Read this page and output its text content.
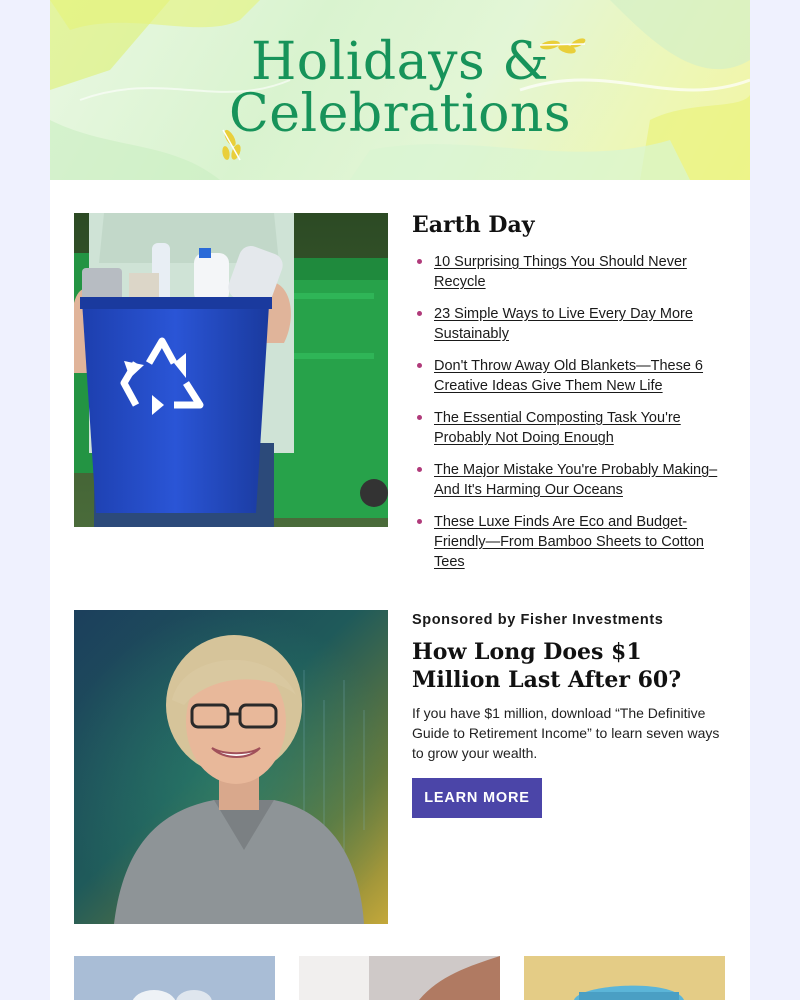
Holidays &
Celebrations
Earth Day
10 Surprising Things You Should Never Recycle
23 Simple Ways to Live Every Day More Sustainably
Don't Throw Away Old Blankets—These 6 Creative Ideas Give Them New Life
The Essential Composting Task You're Probably Not Doing Enough
The Major Mistake You're Probably Making–And It's Harming Our Oceans
These Luxe Finds Are Eco and Budget-Friendly—From Bamboo Sheets to Cotton Tees
Sponsored by Fisher Investments
How Long Does $1 Million Last After 60?
If you have $1 million, download “The Definitive Guide to Retirement Income” to learn seven ways to grow your wealth.
LEARN MORE
